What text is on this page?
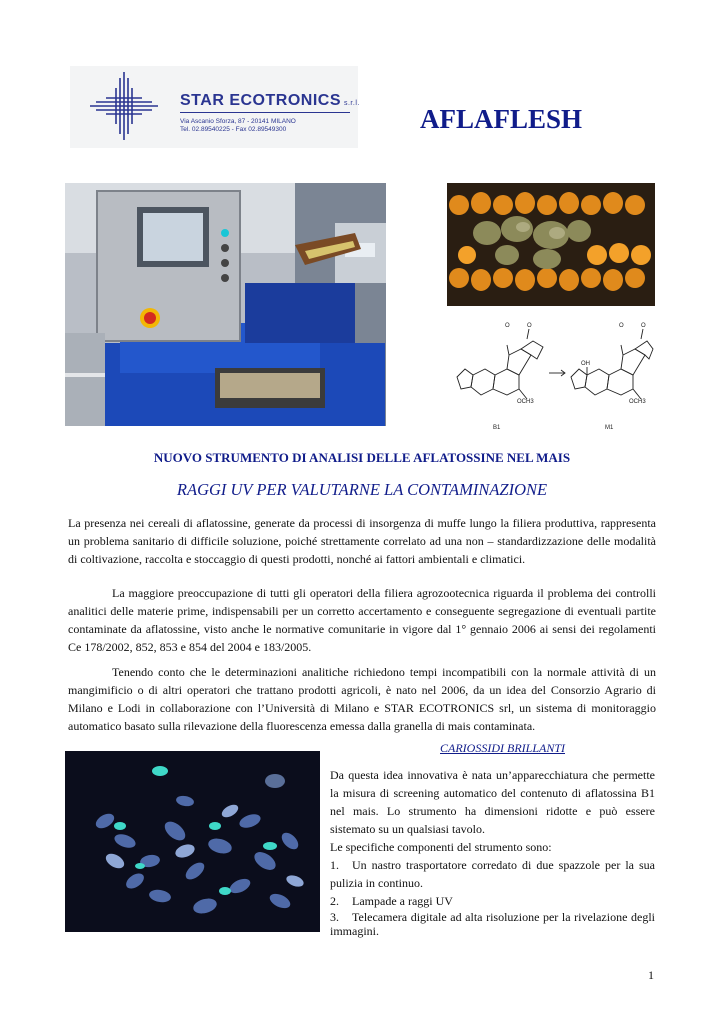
STAR ECOTRONICS s.r.l.
Via Ascanio Sforza, 87 - 20141 MILANO
Tel. 02.89540225 - Fax 02.89549300	AFLAFLESH
O	O
OCH3
OH
O	O
OCH3
B1	M1
NUOVO STRUMENTO DI ANALISI DELLE AFLATOSSINE NEL MAIS
RAGGI UV PER VALUTARNE LA CONTAMINAZIONE

La presenza nei cereali di aflatossine, generate da processi di insorgenza di muffe lungo la filiera produttiva, rappresenta un problema sanitario di difficile soluzione, poiché strettamente correlato ad una non – standardizzazione delle modalità di coltivazione, raccolta e stoccaggio di questi prodotti, nonché ai fattori ambientali e climatici.

La maggiore preoccupazione di tutti gli operatori della filiera agrozootecnica riguarda il problema dei controlli analitici delle materie prime, indispensabili per un corretto accertamento e conseguente segregazione di eventuali partite contaminate da aflatossine, visto anche le normative comunitarie in vigore dal 1° gennaio 2006 ai sensi dei regolamenti Ce 178/2002, 852, 853 e 854 del 2004 e 183/2005.

Tenendo conto che le determinazioni analitiche richiedono tempi incompatibili con la normale attività di un mangimificio o di altri operatori che trattano prodotti agricoli, è nato nel 2006, da un idea del Consorzio Agrario di Milano e Lodi in collaborazione con l’Università di Milano e STAR ECOTRONICS srl, un sistema di monitoraggio automatico basato sulla rilevazione della fluorescenza emessa dalla granella di mais contaminata.

CARIOSSIDI BRILLANTI

Da questa idea innovativa è nata un’apparecchiatura che permette la misura di screening automatico del contenuto di aflatossina B1 nel mais. Lo strumento ha dimensioni ridotte e può essere sistemato su un qualsiasi tavolo.

Le specifiche componenti del strumento sono:

1. Un nastro trasportatore corredato di due spazzole per la sua pulizia in continuo.

2. Lampade a raggi UV

3. Telecamera digitale ad alta risoluzione per la rivelazione degli immagini.

1
